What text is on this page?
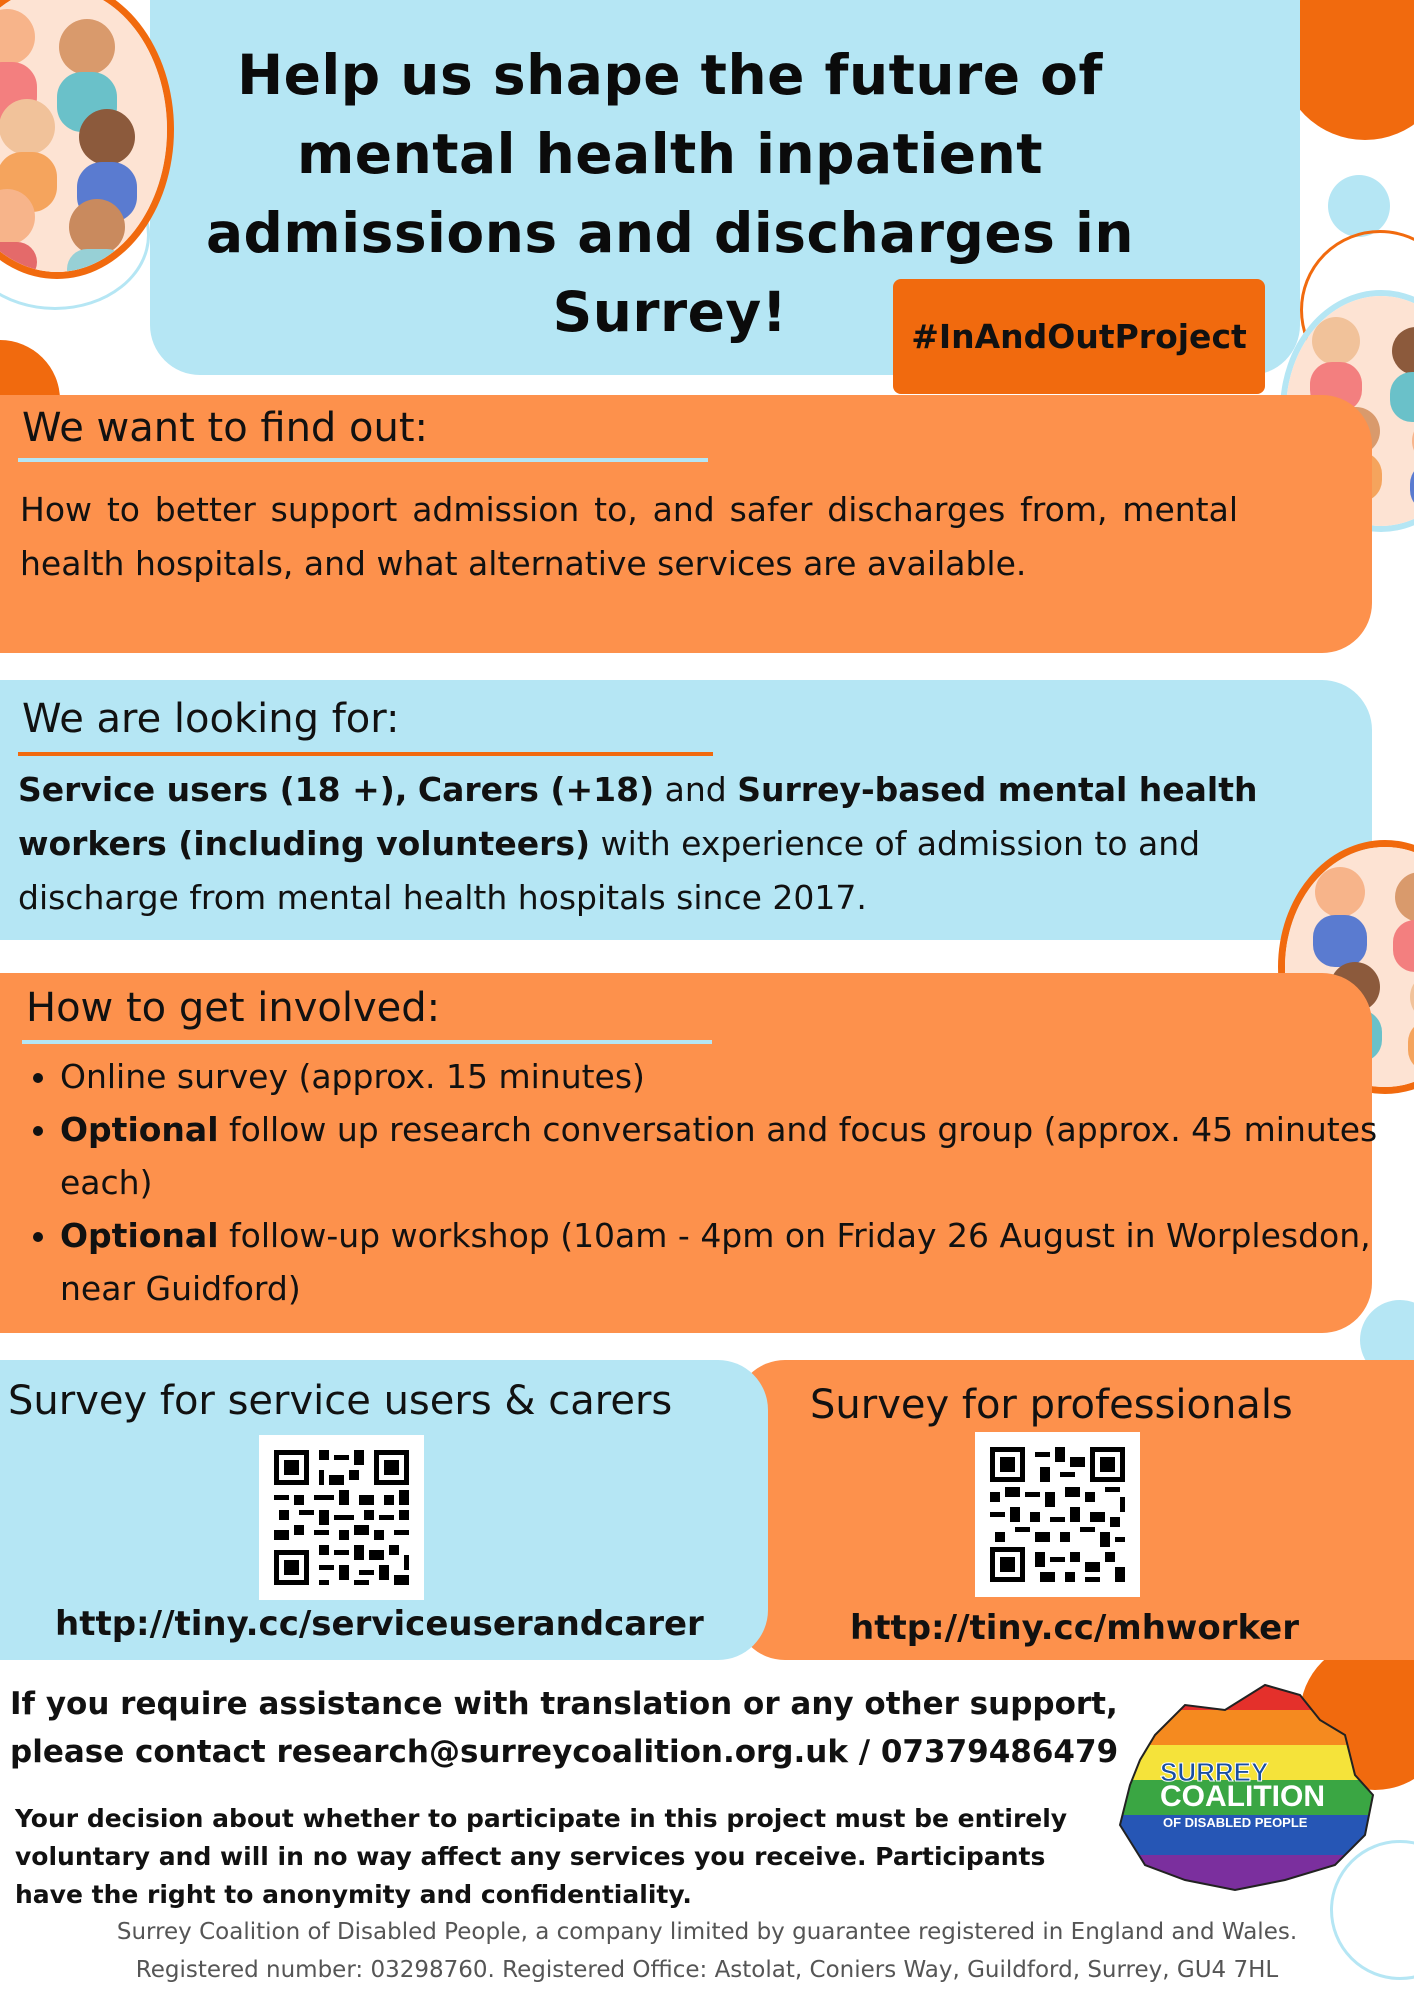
Help us shape the future of mental health inpatient admissions and discharges in Surrey!	#InAndOutProject
We want to find out:

How to better support admission to, and safer discharges from, mental health hospitals, and what alternative services are available.

We are looking for:

Service users (18 +), Carers (+18) and Surrey-based mental health workers (including volunteers) with experience of admission to and discharge from mental health hospitals since 2017.

How to get involved:
• Online survey (approx. 15 minutes)
• Optional follow up research conversation and focus group (approx. 45 minutes each)
• Optional follow-up workshop (10am - 4pm on Friday 26 August in Worplesdon, near Guidford)
Survey for service users & carers
http://tiny.cc/serviceuserandcarer
Survey for professionals
http://tiny.cc/mhworker

If you require assistance with translation or any other support,
please contact research@surreycoalition.org.uk / 07379486479

SURREY
COALITION
OF DISABLED PEOPLE

Your decision about whether to participate in this project must be entirely voluntary and will in no way affect any services you receive. Participants have the right to anonymity and confidentiality.

Surrey Coalition of Disabled People, a company limited by guarantee registered in England and Wales.
Registered number: 03298760. Registered Office: Astolat, Coniers Way, Guildford, Surrey, GU4 7HL
